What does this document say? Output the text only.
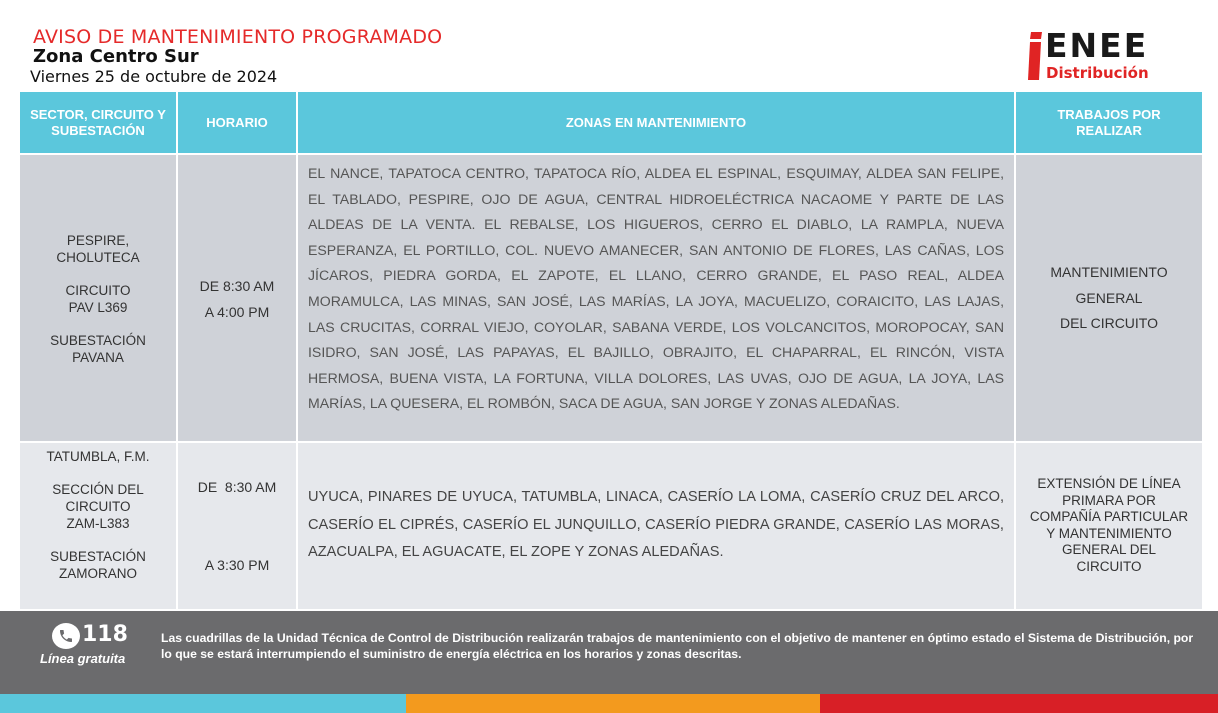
AVISO DE MANTENIMIENTO PROGRAMADO
Zona Centro Sur
Viernes 25 de octubre de 2024
ENEE
Distribución
SECTOR, CIRCUITO Y SUBESTACIÓN
HORARIO	ZONAS EN MANTENIMIENTO
TRABAJOS POR REALIZAR
PESPIRE, CHOLUTECA
CIRCUITO
PAV L369
SUBESTACIÓN
PAVANA
DE 8:30 AM
A 4:00 PM
EL NANCE, TAPATOCA CENTRO, TAPATOCA RÍO, ALDEA EL ESPINAL, ESQUIMAY, ALDEA SAN FELIPE, EL TABLADO, PESPIRE, OJO DE AGUA, CENTRAL HIDROELÉCTRICA NACAOME Y PARTE DE LAS ALDEAS DE LA VENTA. EL REBALSE, LOS HIGUEROS, CERRO EL DIABLO, LA RAMPLA, NUEVA ESPERANZA, EL PORTILLO, COL. NUEVO AMANECER, SAN ANTONIO DE FLORES, LAS CAÑAS, LOS JÍCAROS, PIEDRA GORDA, EL ZAPOTE, EL LLANO, CERRO GRANDE, EL PASO REAL, ALDEA MORAMULCA, LAS MINAS, SAN JOSÉ, LAS MARÍAS, LA JOYA, MACUELIZO, CORAICITO, LAS LAJAS, LAS CRUCITAS, CORRAL VIEJO, COYOLAR, SABANA VERDE, LOS VOLCANCITOS, MOROPOCAY, SAN ISIDRO, SAN JOSÉ, LAS PAPAYAS, EL BAJILLO, OBRAJITO, EL CHAPARRAL, EL RINCÓN, VISTA HERMOSA, BUENA VISTA, LA FORTUNA, VILLA DOLORES, LAS UVAS, OJO DE AGUA, LA JOYA, LAS MARÍAS, LA QUESERA, EL ROMBÓN, SACA DE AGUA, SAN JORGE Y ZONAS ALEDAÑAS.
MANTENIMIENTO
GENERAL
DEL CIRCUITO
TATUMBLA, F.M.
SECCIÓN DEL CIRCUITO
ZAM-L383
SUBESTACIÓN
ZAMORANO

DE  8:30 AM

A 3:30 PM

UYUCA, PINARES DE UYUCA, TATUMBLA, LINACA, CASERÍO LA LOMA, CASERÍO CRUZ DEL ARCO, CASERÍO EL CIPRÉS, CASERÍO EL JUNQUILLO, CASERÍO PIEDRA GRANDE, CASERÍO LAS MORAS, AZACUALPA, EL AGUACATE, EL ZOPE Y ZONAS ALEDAÑAS.
EXTENSIÓN DE LÍNEA PRIMARA POR COMPAÑÍA PARTICULAR Y MANTENIMIENTO GENERAL DEL CIRCUITO
118
Línea gratuita
Las cuadrillas de la Unidad Técnica de Control de Distribución realizarán trabajos de mantenimiento con el objetivo de mantener en óptimo estado el Sistema de Distribución, por lo que se estará interrumpiendo el suministro de energía eléctrica en los horarios y zonas descritas.
